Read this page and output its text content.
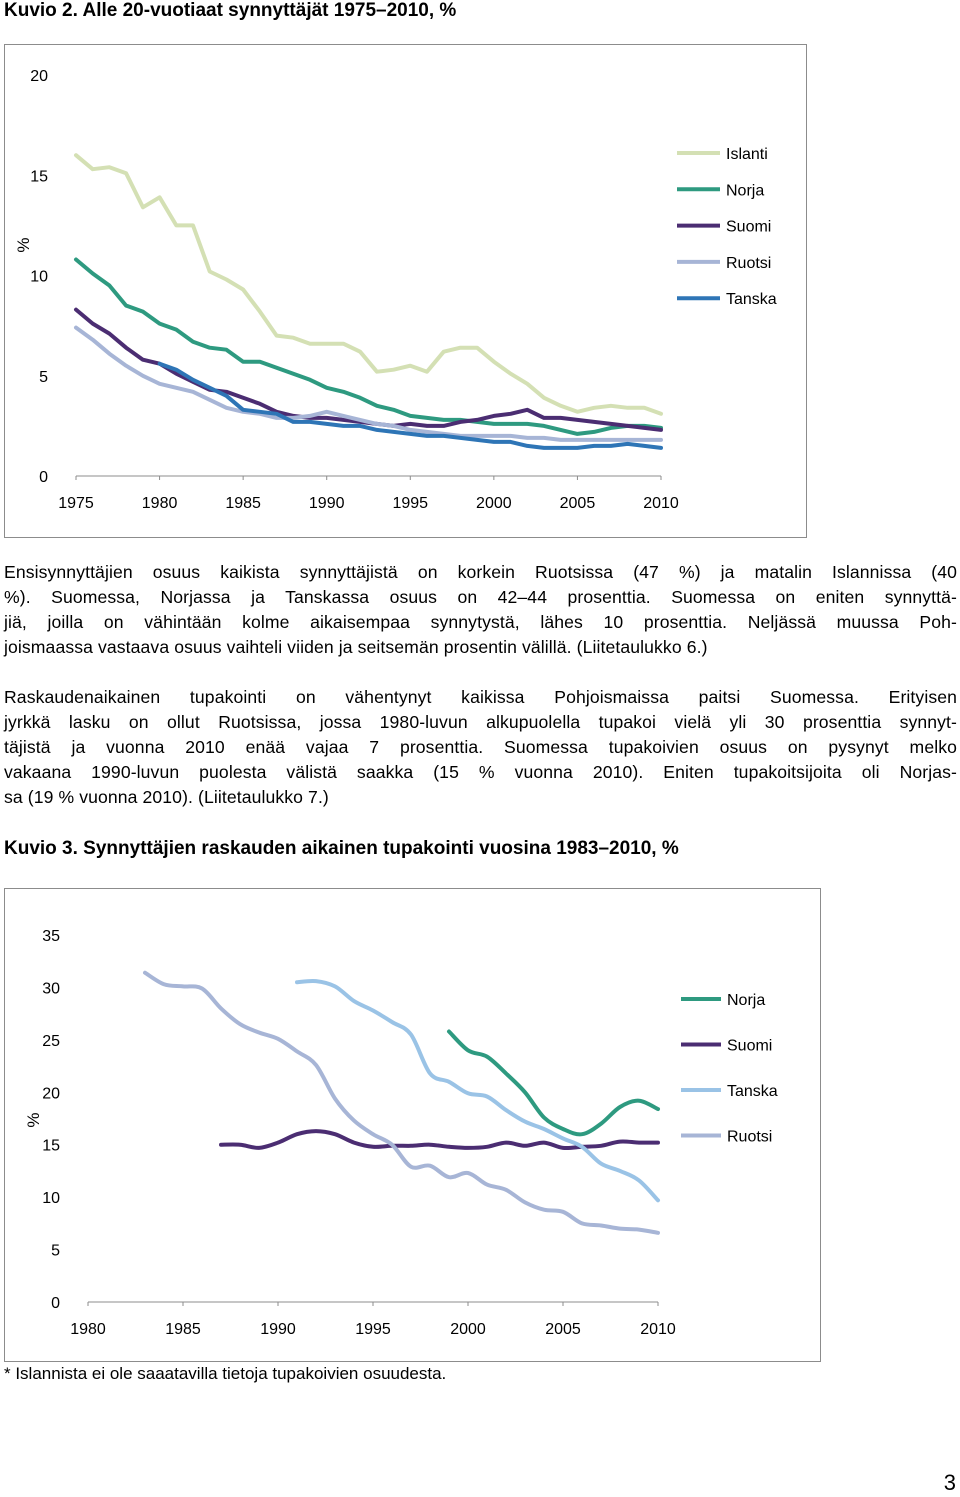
Kuvio 2. Alle 20-vuotiaat synnyttäjät 1975–2010, %
0
5
10
15
20
1975	1980	1985	1990	1995	2000	2005	2010
%
Islanti
Norja
Suomi
Ruotsi
Tanska
Ensisynnyttäjien osuus kaikista synnyttäjistä on korkein Ruotsissa (47 %) ja matalin Islannissa (40
%). Suomessa, Norjassa ja Tanskassa osuus on 42–44 prosenttia. Suomessa on eniten synnyttä-
jiä, joilla on vähintään kolme aikaisempaa synnytystä, lähes 10 prosenttia. Neljässä muussa Poh-
joismaassa vastaava osuus vaihteli viiden ja seitsemän prosentin välillä. (Liitetaulukko 6.)
Raskaudenaikainen tupakointi on vähentynyt kaikissa Pohjoismaissa paitsi Suomessa. Erityisen
jyrkkä lasku on ollut Ruotsissa, jossa 1980-luvun alkupuolella tupakoi vielä yli 30 prosenttia synnyt-
täjistä ja vuonna 2010 enää vajaa 7 prosenttia. Suomessa tupakoivien osuus on pysynyt melko
vakaana 1990-luvun puolesta välistä saakka (15 % vuonna 2010). Eniten tupakoitsijoita oli Norjas-
sa (19 % vuonna 2010). (Liitetaulukko 7.)
Kuvio 3. Synnyttäjien raskauden aikainen tupakointi vuosina 1983–2010, %
0
5
10
15
20
25
30
35
1980	1985	1990	1995	2000	2005	2010
%
Norja
Suomi
Tanska
Ruotsi
* Islannista ei ole saaatavilla tietoja tupakoivien osuudesta.
3
